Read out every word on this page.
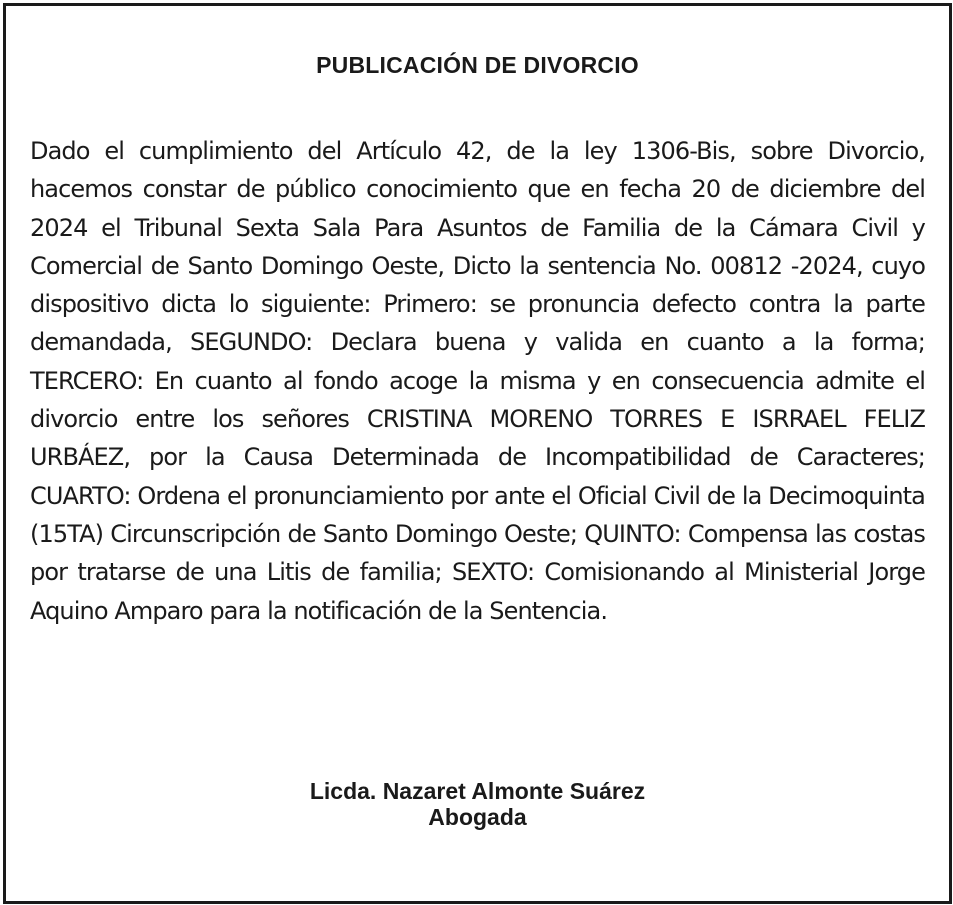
PUBLICACIÓN DE DIVORCIO

Dado el cumplimiento del Artículo 42, de la ley 1306-Bis, sobre Divorcio, hacemos constar de público conocimiento que en fecha 20 de diciembre del 2024 el Tribunal Sexta Sala Para Asuntos de Familia de la Cámara Civil y Comercial de Santo Domingo Oeste, Dicto la sentencia No. 00812 -2024, cuyo dispositivo dicta lo siguiente: Primero: se pronuncia defecto contra la parte demandada, SEGUNDO: Declara buena y valida en cuanto a la forma; TERCERO: En cuanto al fondo acoge la misma y en consecuencia admite el divorcio entre los señores CRISTINA MORENO TORRES E ISRRAEL FELIZ URBÁEZ, por la Causa Determinada de Incompatibilidad de Caracteres; CUARTO: Ordena el pronunciamiento por ante el Oficial Civil de la Decimoquinta (15TA) Circunscripción de Santo Domingo Oeste; QUINTO: Compensa las costas por tratarse de una Litis de familia; SEXTO: Comisionando al Ministerial Jorge Aquino Amparo para la notificación de la Sentencia.

Licda. Nazaret Almonte Suárez
Abogada
